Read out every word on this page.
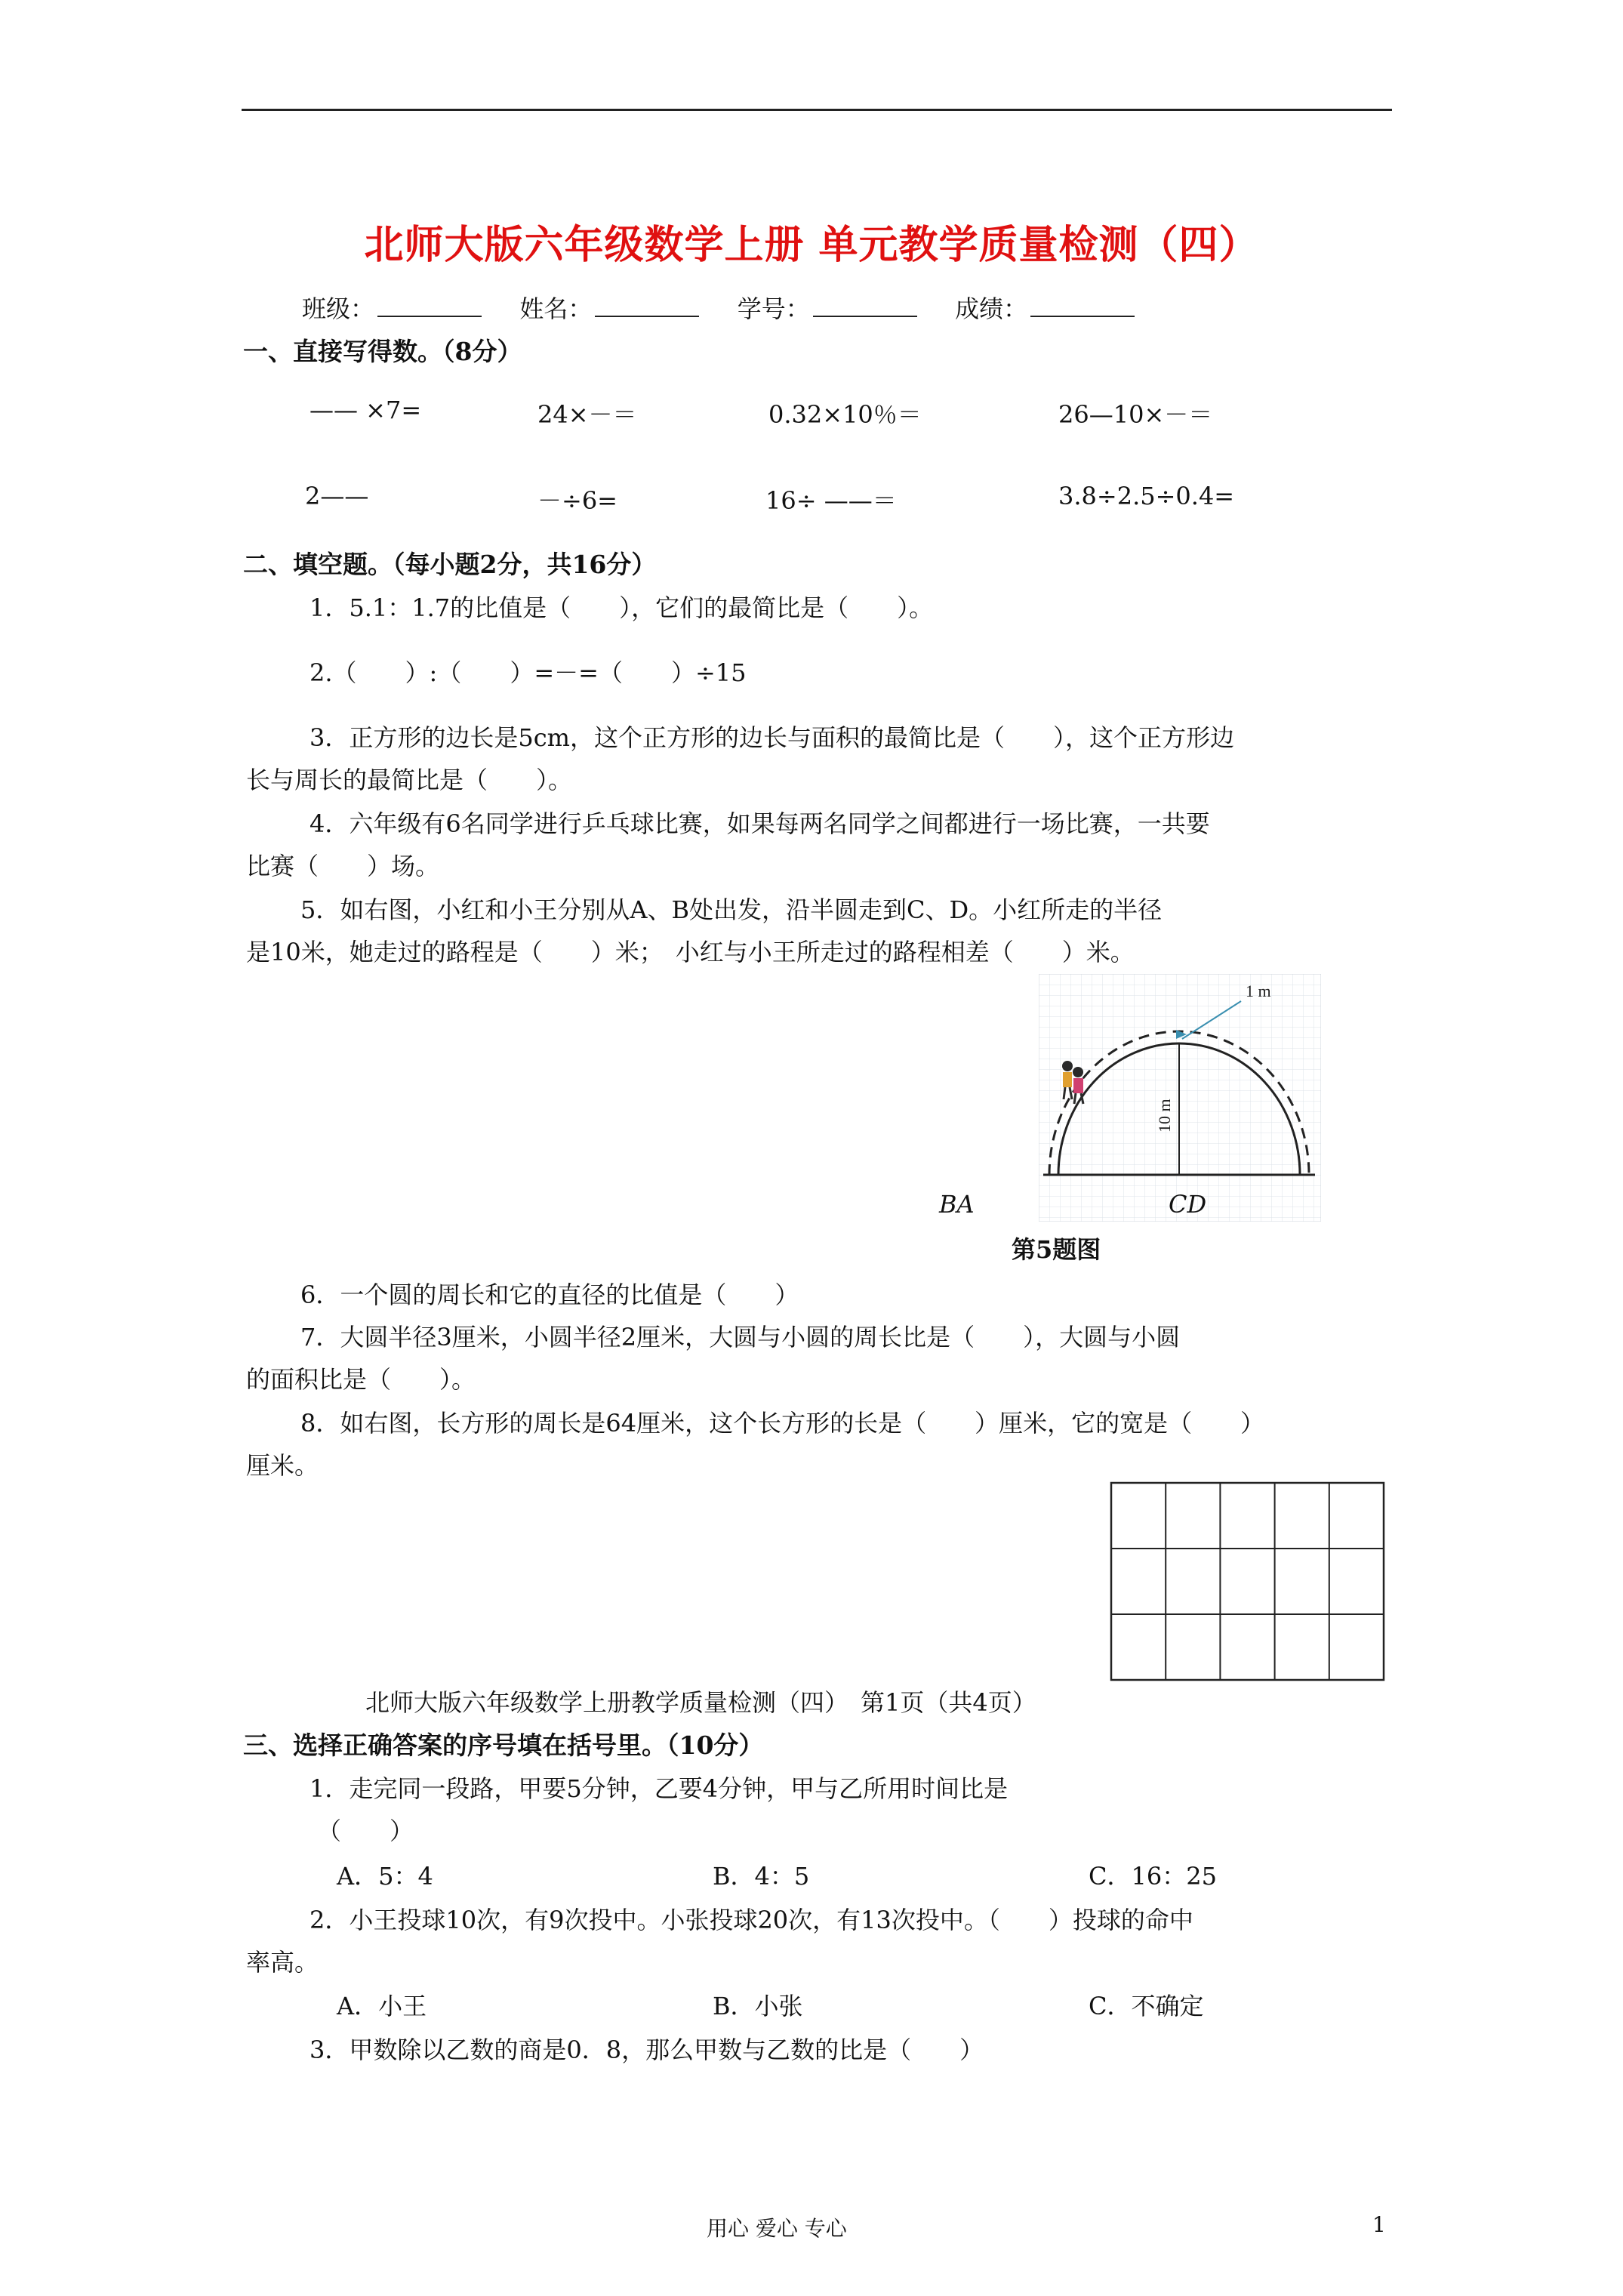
北师大版六年级数学上册 单元教学质量检测（四）
班级：	姓名：	学号：	成绩：
一、直接写得数。（8分）
—— ×7=	24×－＝	0.32×10％＝	26—10×－＝
2——	－÷6=	16÷ ——＝	3.8÷2.5÷0.4=
二、填空题。（每小题2分，共16分）
1．5.1：1.7的比值是（　　），它们的最简比是（　　）。
2.（　　）:（　　）=－=（　　）÷15
3．正方形的边长是5cm，这个正方形的边长与面积的最简比是（　　），这个正方形边
长与周长的最简比是（　　）。
4．六年级有6名同学进行乒乓球比赛，如果每两名同学之间都进行一场比赛，一共要
比赛（　　）场。
5．如右图，小红和小王分别从A、B处出发，沿半圆走到C、D。小红所走的半径
是10米，她走过的路程是（　　）米；　小红与小王所走过的路程相差（　　）米。
1 m
10 m
BA	CD
第5题图
6．一个圆的周长和它的直径的比值是（　　）
7．大圆半径3厘米，小圆半径2厘米，大圆与小圆的周长比是（　　），大圆与小圆
的面积比是（　　）。
8．如右图，长方形的周长是64厘米，这个长方形的长是（　　）厘米，它的宽是（　　）
厘米。
北师大版六年级数学上册教学质量检测（四）　第1页（共4页）
三、选择正确答案的序号填在括号里。（10分）
1．走完同一段路，甲要5分钟，乙要4分钟，甲与乙所用时间比是
（　　）
A．5：4	B．4：5	C．16：25
2．小王投球10次，有9次投中。小张投球20次，有13次投中。（　　）投球的命中
率高。
A．小王	B．小张	C．不确定
3．甲数除以乙数的商是0．8，那么甲数与乙数的比是（　　）
用心 爱心 专心	1
